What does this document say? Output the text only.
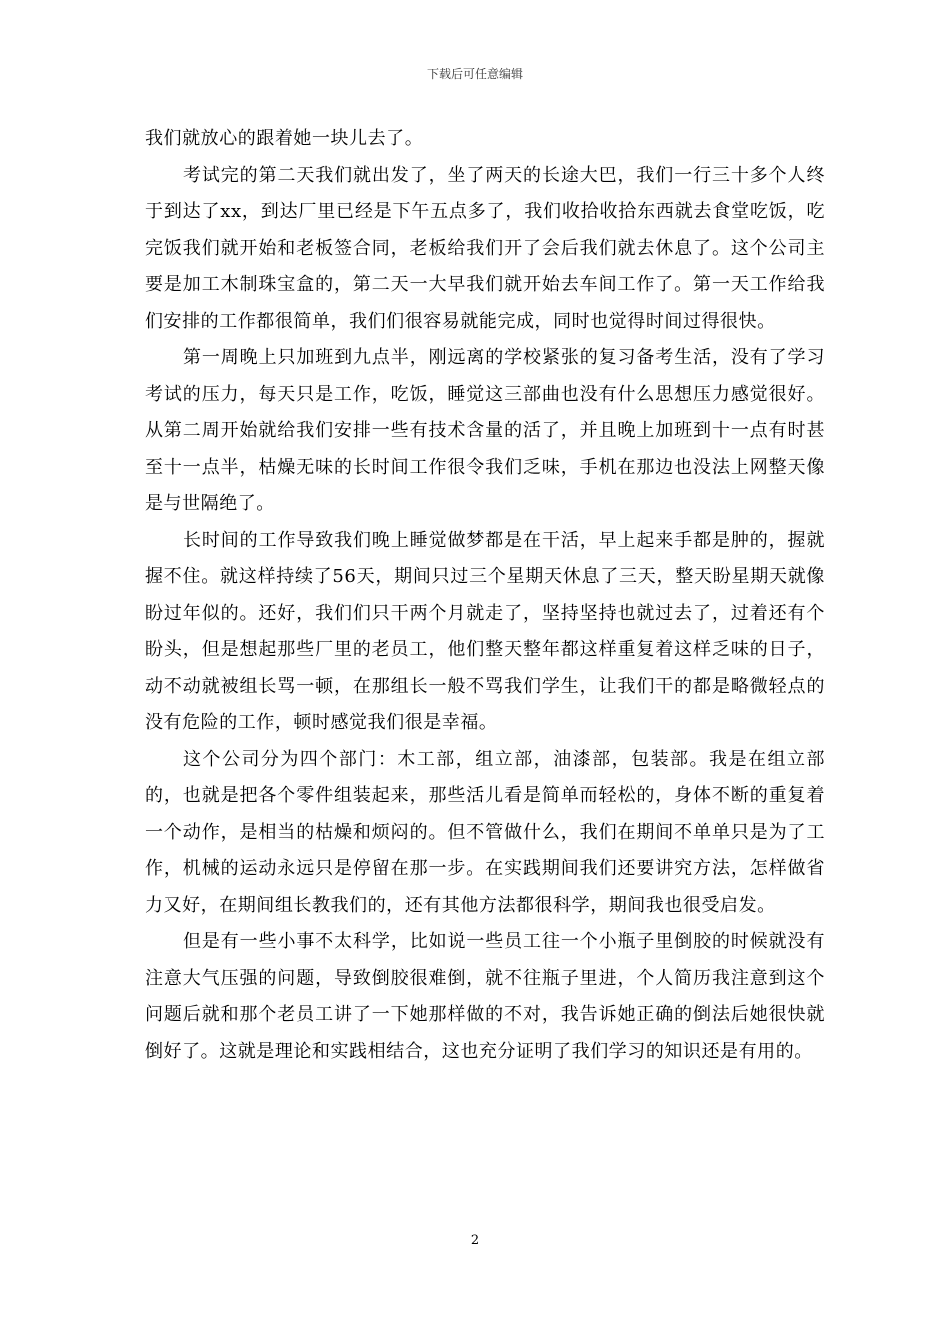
下载后可任意编辑

我们就放心的跟着她一块儿去了。

考试完的第二天我们就出发了，坐了两天的长途大巴，我们一行三十多个人终于到达了xx，到达厂里已经是下午五点多了，我们收拾收拾东西就去食堂吃饭，吃完饭我们就开始和老板签合同，老板给我们开了会后我们就去休息了。这个公司主要是加工木制珠宝盒的，第二天一大早我们就开始去车间工作了。第一天工作给我们安排的工作都很简单，我们们很容易就能完成，同时也觉得时间过得很快。

第一周晚上只加班到九点半，刚远离的学校紧张的复习备考生活，没有了学习考试的压力，每天只是工作，吃饭，睡觉这三部曲也没有什么思想压力感觉很好。从第二周开始就给我们安排一些有技术含量的活了，并且晚上加班到十一点有时甚至十一点半，枯燥无味的长时间工作很令我们乏味，手机在那边也没法上网整天像是与世隔绝了。

长时间的工作导致我们晚上睡觉做梦都是在干活，早上起来手都是肿的，握就握不住。就这样持续了56天，期间只过三个星期天休息了三天，整天盼星期天就像盼过年似的。还好，我们们只干两个月就走了，坚持坚持也就过去了，过着还有个盼头，但是想起那些厂里的老员工，他们整天整年都这样重复着这样乏味的日子，动不动就被组长骂一顿，在那组长一般不骂我们学生，让我们干的都是略微轻点的没有危险的工作，顿时感觉我们很是幸福。

这个公司分为四个部门：木工部，组立部，油漆部，包装部。我是在组立部的，也就是把各个零件组装起来，那些活儿看是简单而轻松的，身体不断的重复着一个动作，是相当的枯燥和烦闷的。但不管做什么，我们在期间不单单只是为了工作，机械的运动永远只是停留在那一步。在实践期间我们还要讲究方法，怎样做省力又好，在期间组长教我们的，还有其他方法都很科学，期间我也很受启发。

但是有一些小事不太科学，比如说一些员工往一个小瓶子里倒胶的时候就没有注意大气压强的问题，导致倒胶很难倒，就不往瓶子里进，个人简历我注意到这个问题后就和那个老员工讲了一下她那样做的不对，我告诉她正确的倒法后她很快就倒好了。这就是理论和实践相结合，这也充分证明了我们学习的知识还是有用的。

2
